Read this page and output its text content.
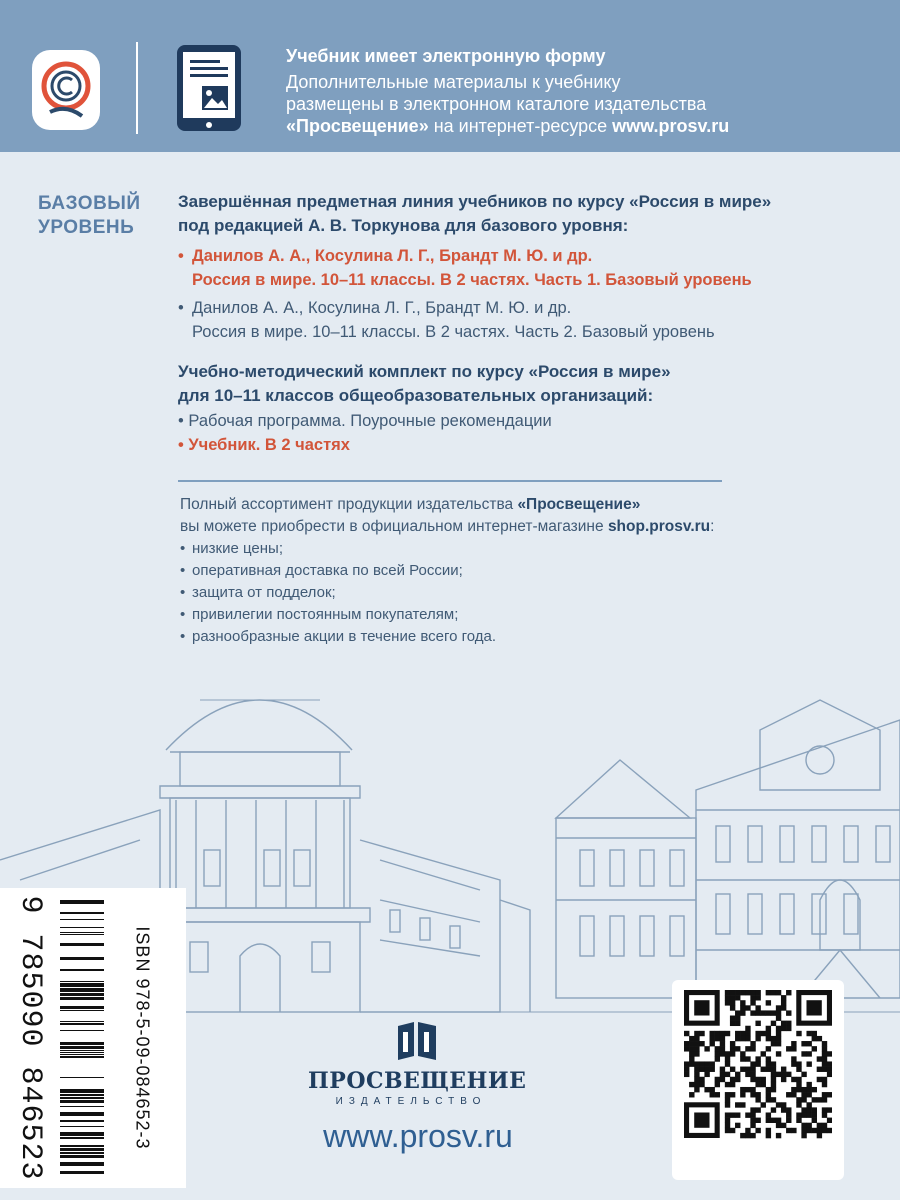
Учебник имеет электронную форму
Дополнительные материалы к учебнику
размещены в электронном каталоге издательства
«Просвещение» на интернет-ресурсе www.prosv.ru
БАЗОВЫЙ
УРОВЕНЬ
Завершённая предметная линия учебников по курсу «Россия в мире»
под редакцией А. В. Торкунова для базового уровня:
• Данилов А. А., Косулина Л. Г., Брандт М. Ю. и др.
Россия в мире. 10–11 классы. В 2 частях. Часть 1. Базовый уровень
• Данилов А. А., Косулина Л. Г., Брандт М. Ю. и др.
Россия в мире. 10–11 классы. В 2 частях. Часть 2. Базовый уровень
Учебно-методический комплект по курсу «Россия в мире»
для 10–11 классов общеобразовательных организаций:
• Рабочая программа. Поурочные рекомендации
• Учебник. В 2 частях
Полный ассортимент продукции издательства «Просвещение»
вы можете приобрести в официальном интернет-магазине shop.prosv.ru:
• низкие цены;
• оперативная доставка по всей России;
• защита от подделок;
• привилегии постоянным покупателям;
• разнообразные акции в течение всего года.
9 785090 846523	ISBN 978-5-09-084652-3	ПРОСВЕЩЕНИЕ
ИЗДАТЕЛЬСТВО
www.prosv.ru
